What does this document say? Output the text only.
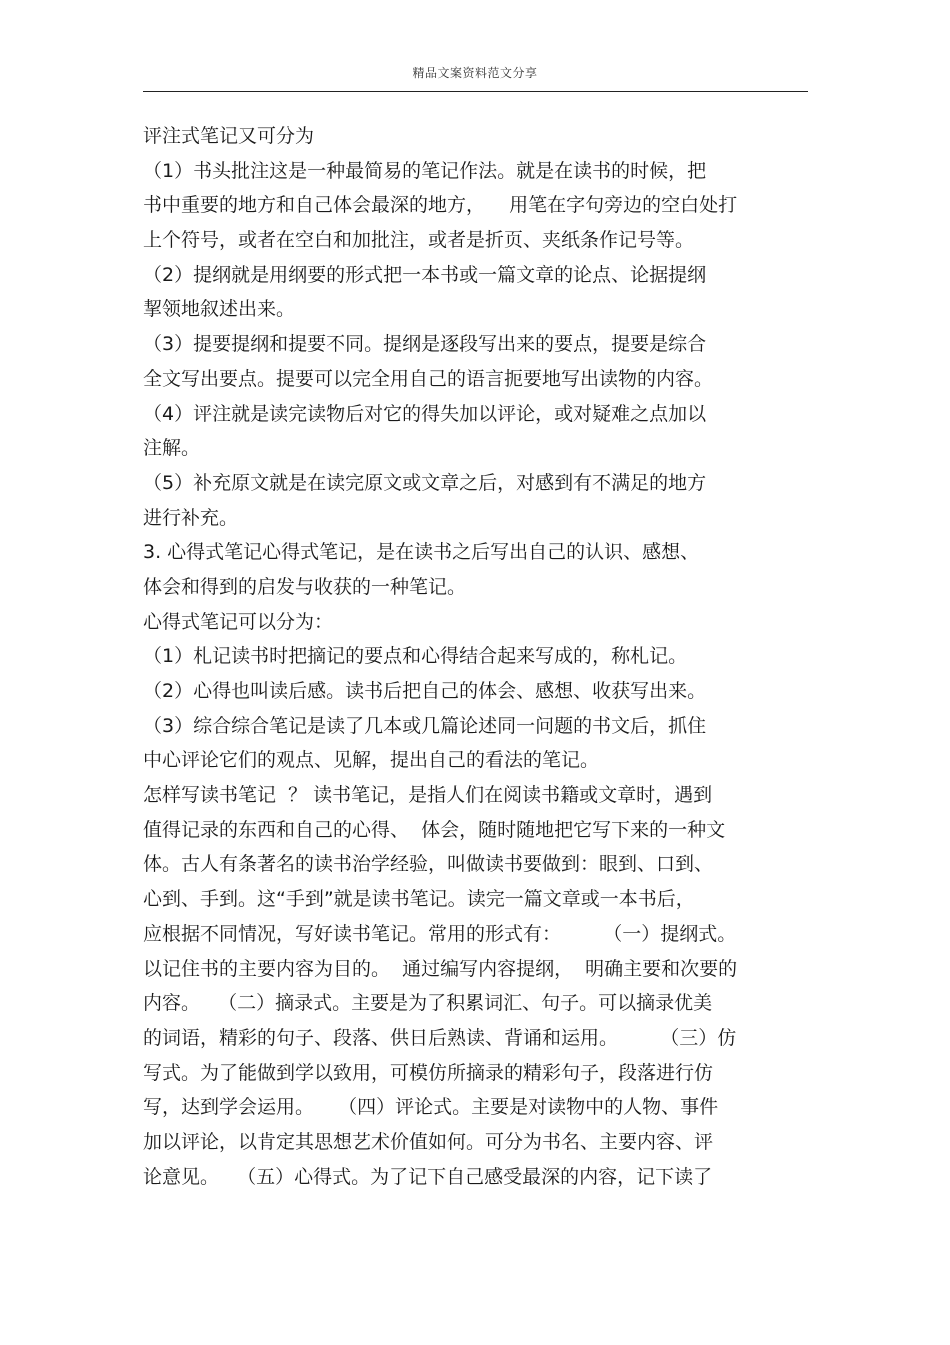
精品文案资料范文分享
评注式笔记又可分为
（1）书头批注这是一种最简易的笔记作法。就是在读书的时候，把
书中重要的地方和自己体会最深的地方，    用笔在字句旁边的空白处打
上个符号，或者在空白和加批注，或者是折页、夹纸条作记号等。
（2）提纲就是用纲要的形式把一本书或一篇文章的论点、论据提纲
挈领地叙述出来。
（3）提要提纲和提要不同。提纲是逐段写出来的要点，提要是综合
全文写出要点。提要可以完全用自己的语言扼要地写出读物的内容。
（4）评注就是读完读物后对它的得失加以评论，或对疑难之点加以
注解。
（5）补充原文就是在读完原文或文章之后，对感到有不满足的地方
进行补充。
3. 心得式笔记心得式笔记，是在读书之后写出自己的认识、感想、
体会和得到的启发与收获的一种笔记。
心得式笔记可以分为：
（1）札记读书时把摘记的要点和心得结合起来写成的，称札记。
（2）心得也叫读后感。读书后把自己的体会、感想、收获写出来。
（3）综合综合笔记是读了几本或几篇论述同一问题的书文后，抓住
中心评论它们的观点、见解，提出自己的看法的笔记。
怎样写读书笔记  ？ 读书笔记，是指人们在阅读书籍或文章时，遇到
值得记录的东西和自己的心得、  体会，随时随地把它写下来的一种文
体。古人有条著名的读书治学经验，叫做读书要做到：眼到、口到、
心到、手到。这“手到”就是读书笔记。读完一篇文章或一本书后，
应根据不同情况，写好读书笔记。常用的形式有：       （一）提纲式。
以记住书的主要内容为目的。  通过编写内容提纲，  明确主要和次要的
内容。   （二）摘录式。主要是为了积累词汇、句子。可以摘录优美
的词语，精彩的句子、段落、供日后熟读、背诵和运用。       （三）仿
写式。为了能做到学以致用，可模仿所摘录的精彩句子，段落进行仿
写，达到学会运用。    （四）评论式。主要是对读物中的人物、事件
加以评论，以肯定其思想艺术价值如何。可分为书名、主要内容、评
论意见。   （五）心得式。为了记下自己感受最深的内容，记下读了
